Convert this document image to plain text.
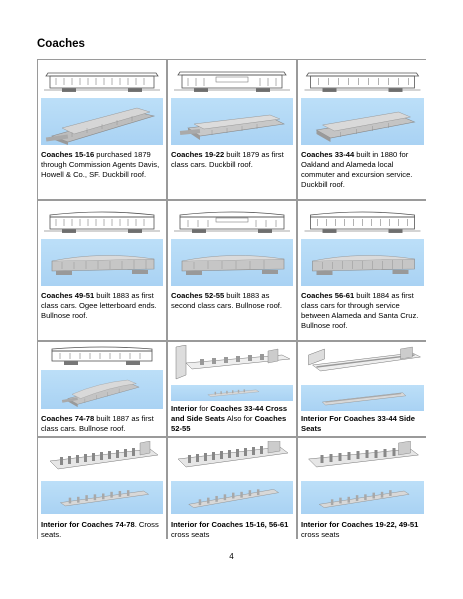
Coaches
Coaches 15-16 purchased 1879 through Commission Agents Davis, Howell & Co., SF. Duckbill roof.
Coaches 19-22 built 1879 as first class cars. Duckbill roof.
Coaches 33-44 built in 1880 for Oakland and Alameda local commuter and excursion service. Duckbill roof.
Coaches 49-51 built 1883 as first class cars. Ogee letterboard ends. Bullnose roof.
Coaches 52-55 built 1883 as second class cars. Bullnose roof.
Coaches 56-61 built 1884 as first class cars for through service between Alameda and Santa Cruz. Bullnose roof.
Coaches 74-78 built 1887 as first class cars. Bullnose roof.
Interior for Coaches 33-44 Cross and Side Seats Also for Coaches 52-55
Interior For Coaches 33-44 Side Seats
Interior for Coaches 74-78. Cross seats.
Interior for Coaches 15-16, 56-61 cross seats
Interior for Coaches 19-22, 49-51 cross seats
4
